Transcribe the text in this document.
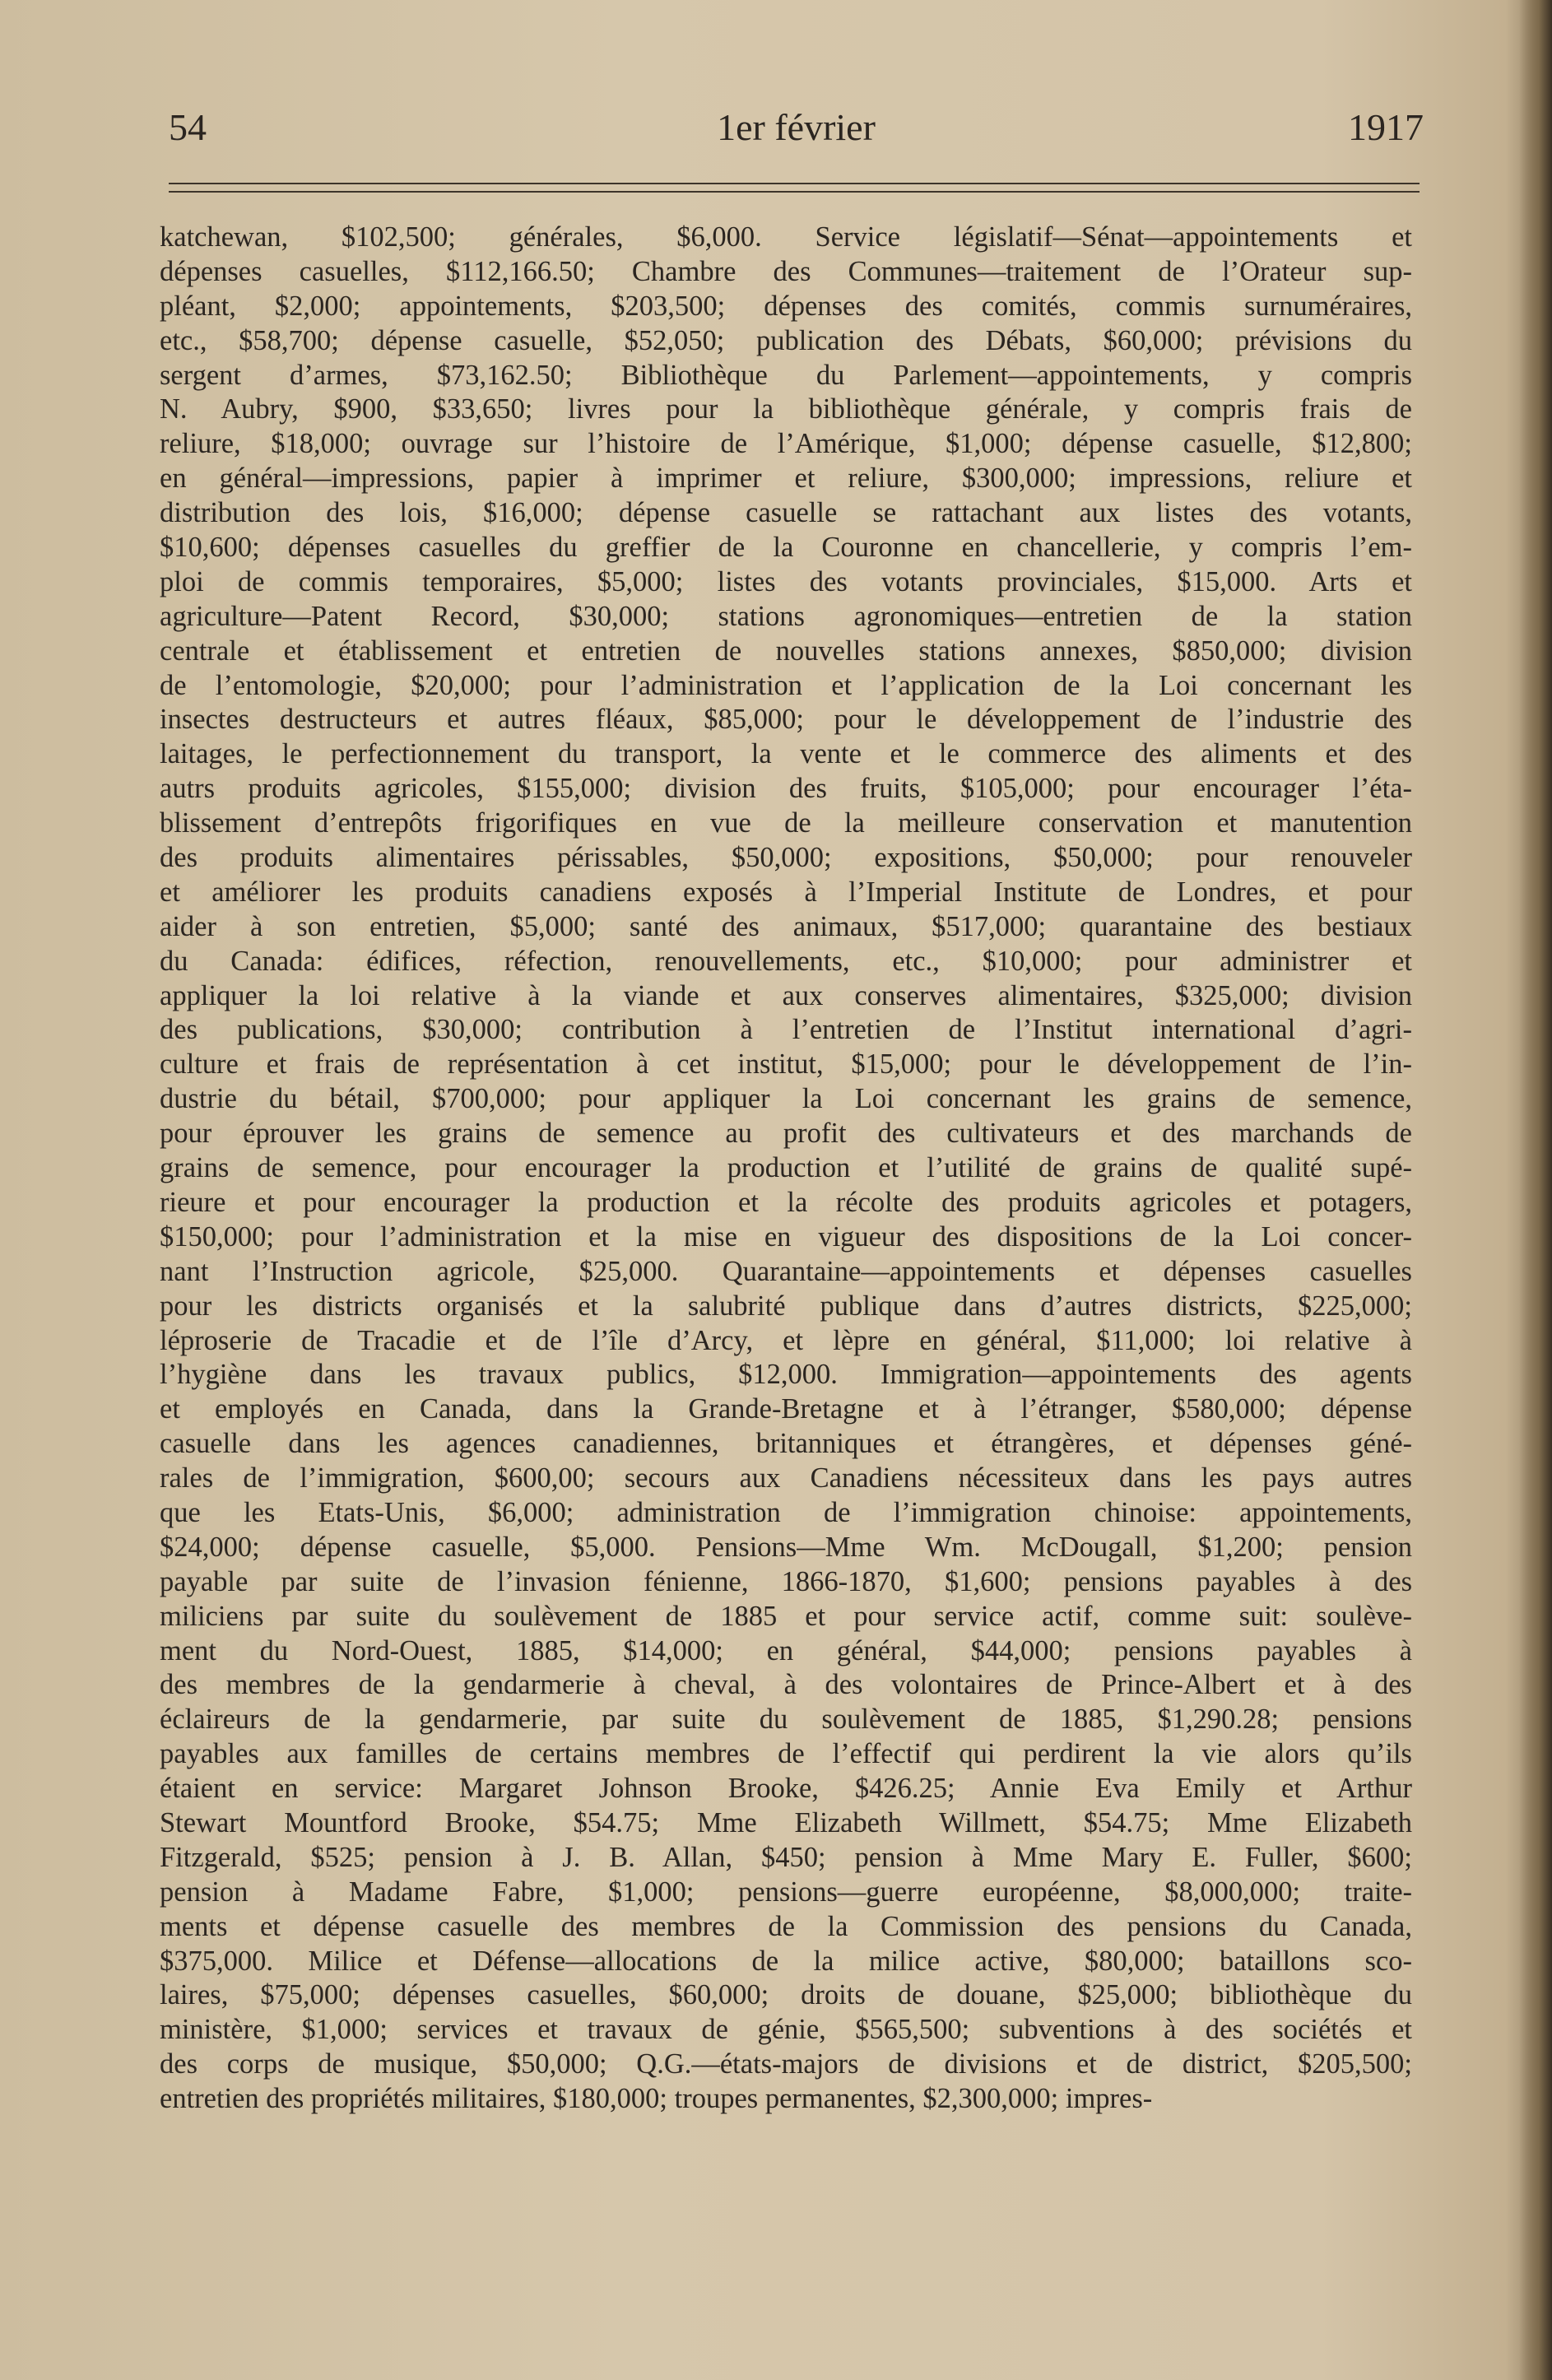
54	1er février	1917
katchewan, $102,500; générales, $6,000. Service législatif—Sénat—appointements et
dépenses casuelles, $112,166.50; Chambre des Communes—traitement de l’Orateur sup-
pléant, $2,000; appointements, $203,500; dépenses des comités, commis surnuméraires,
etc., $58,700; dépense casuelle, $52,050; publication des Débats, $60,000; prévisions du
sergent d’armes, $73,162.50; Bibliothèque du Parlement—appointements, y compris
N. Aubry, $900, $33,650; livres pour la bibliothèque générale, y compris frais de
reliure, $18,000; ouvrage sur l’histoire de l’Amérique, $1,000; dépense casuelle, $12,800;
en général—impressions, papier à imprimer et reliure, $300,000; impressions, reliure et
distribution des lois, $16,000; dépense casuelle se rattachant aux listes des votants,
$10,600; dépenses casuelles du greffier de la Couronne en chancellerie, y compris l’em-
ploi de commis temporaires, $5,000; listes des votants provinciales, $15,000. Arts et
agriculture—Patent Record, $30,000; stations agronomiques—entretien de la station
centrale et établissement et entretien de nouvelles stations annexes, $850,000; division
de l’entomologie, $20,000; pour l’administration et l’application de la Loi concernant les
insectes destructeurs et autres fléaux, $85,000; pour le développement de l’industrie des
laitages, le perfectionnement du transport, la vente et le commerce des aliments et des
autrs produits agricoles, $155,000; division des fruits, $105,000; pour encourager l’éta-
blissement d’entrepôts frigorifiques en vue de la meilleure conservation et manutention
des produits alimentaires périssables, $50,000; expositions, $50,000; pour renouveler
et améliorer les produits canadiens exposés à l’Imperial Institute de Londres, et pour
aider à son entretien, $5,000; santé des animaux, $517,000; quarantaine des bestiaux
du Canada: édifices, réfection, renouvellements, etc., $10,000; pour administrer et
appliquer la loi relative à la viande et aux conserves alimentaires, $325,000; division
des publications, $30,000; contribution à l’entretien de l’Institut international d’agri-
culture et frais de représentation à cet institut, $15,000; pour le développement de l’in-
dustrie du bétail, $700,000; pour appliquer la Loi concernant les grains de semence,
pour éprouver les grains de semence au profit des cultivateurs et des marchands de
grains de semence, pour encourager la production et l’utilité de grains de qualité supé-
rieure et pour encourager la production et la récolte des produits agricoles et potagers,
$150,000; pour l’administration et la mise en vigueur des dispositions de la Loi concer-
nant l’Instruction agricole, $25,000. Quarantaine—appointements et dépenses casuelles
pour les districts organisés et la salubrité publique dans d’autres districts, $225,000;
léproserie de Tracadie et de l’île d’Arcy, et lèpre en général, $11,000; loi relative à
l’hygiène dans les travaux publics, $12,000. Immigration—appointements des agents
et employés en Canada, dans la Grande-Bretagne et à l’étranger, $580,000; dépense
casuelle dans les agences canadiennes, britanniques et étrangères, et dépenses géné-
rales de l’immigration, $600,00; secours aux Canadiens nécessiteux dans les pays autres
que les Etats-Unis, $6,000; administration de l’immigration chinoise: appointements,
$24,000; dépense casuelle, $5,000. Pensions—Mme Wm. McDougall, $1,200; pension
payable par suite de l’invasion fénienne, 1866-1870, $1,600; pensions payables à des
miliciens par suite du soulèvement de 1885 et pour service actif, comme suit: soulève-
ment du Nord-Ouest, 1885, $14,000; en général, $44,000; pensions payables à
des membres de la gendarmerie à cheval, à des volontaires de Prince-Albert et à des
éclaireurs de la gendarmerie, par suite du soulèvement de 1885, $1,290.28; pensions
payables aux familles de certains membres de l’effectif qui perdirent la vie alors qu’ils
étaient en service: Margaret Johnson Brooke, $426.25; Annie Eva Emily et Arthur
Stewart Mountford Brooke, $54.75; Mme Elizabeth Willmett, $54.75; Mme Elizabeth
Fitzgerald, $525; pension à J. B. Allan, $450; pension à Mme Mary E. Fuller, $600;
pension à Madame Fabre, $1,000; pensions—guerre européenne, $8,000,000; traite-
ments et dépense casuelle des membres de la Commission des pensions du Canada,
$375,000. Milice et Défense—allocations de la milice active, $80,000; bataillons sco-
laires, $75,000; dépenses casuelles, $60,000; droits de douane, $25,000; bibliothèque du
ministère, $1,000; services et travaux de génie, $565,500; subventions à des sociétés et
des corps de musique, $50,000; Q.G.—états-majors de divisions et de district, $205,500;
entretien des propriétés militaires, $180,000; troupes permanentes, $2,300,000; impres-
